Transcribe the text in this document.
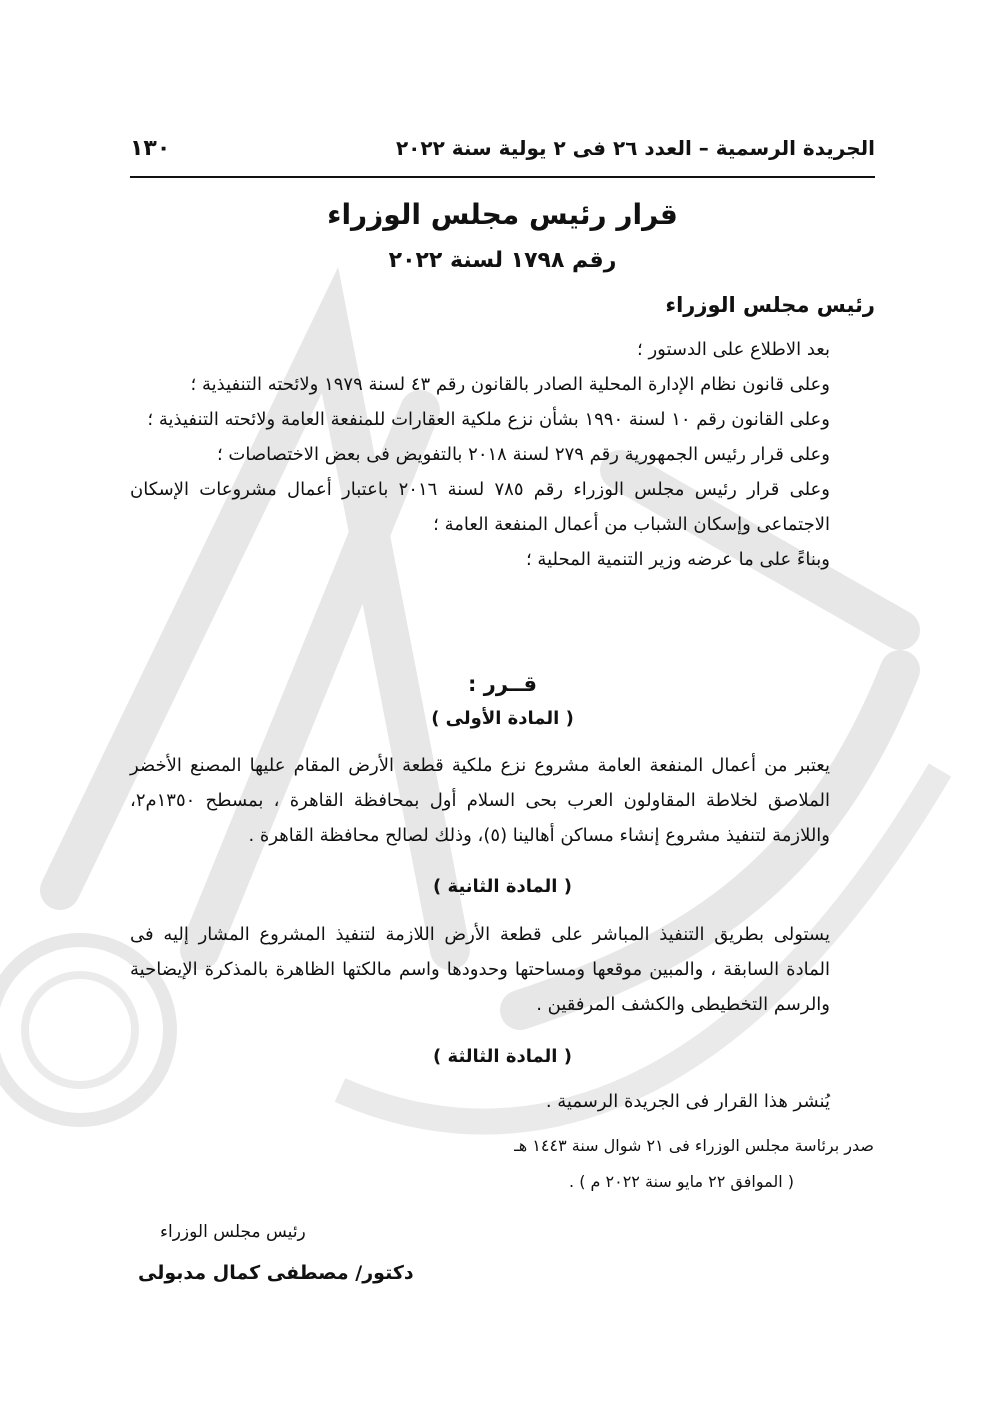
الجريدة الرسمية – العدد ٢٦ فى ٢ يولية سنة ٢٠٢٢
١٣٠
قرار رئيس مجلس الوزراء
رقم ١٧٩٨ لسنة ٢٠٢٢
رئيس مجلس الوزراء

بعد الاطلاع على الدستور ؛

وعلى قانون نظام الإدارة المحلية الصادر بالقانون رقم ٤٣ لسنة ١٩٧٩ ولائحته التنفيذية ؛

وعلى القانون رقم ١٠ لسنة ١٩٩٠ بشأن نزع ملكية العقارات للمنفعة العامة ولائحته التنفيذية ؛

وعلى قرار رئيس الجمهورية رقم ٢٧٩ لسنة ٢٠١٨ بالتفويض فى بعض الاختصاصات ؛

وعلى قرار رئيس مجلس الوزراء رقم ٧٨٥ لسنة ٢٠١٦ باعتبار أعمال مشروعات الإسكان الاجتماعى وإسكان الشباب من أعمال المنفعة العامة ؛

وبناءً على ما عرضه وزير التنمية المحلية ؛

قــرر :
( المادة الأولى )

يعتبر من أعمال المنفعة العامة مشروع نزع ملكية قطعة الأرض المقام عليها المصنع الأخضر الملاصق لخلاطة المقاولون العرب بحى السلام أول بمحافظة القاهرة ، بمسطح ١٣٥٠م٢، واللازمة لتنفيذ مشروع إنشاء مساكن أهالينا (٥)، وذلك لصالح محافظة القاهرة .

( المادة الثانية )

يستولى بطريق التنفيذ المباشر على قطعة الأرض اللازمة لتنفيذ المشروع المشار إليه فى المادة السابقة ، والمبين موقعها ومساحتها وحدودها واسم مالكتها الظاهرة بالمذكرة الإيضاحية والرسم التخطيطى والكشف المرفقين .

( المادة الثالثة )
يُنشر هذا القرار فى الجريدة الرسمية .
صدر برئاسة مجلس الوزراء فى ٢١ شوال سنة ١٤٤٣ هـ
( الموافق ٢٢ مايو سنة ٢٠٢٢ م ) .
رئيس مجلس الوزراء
دكتور/ مصطفى كمال مدبولى
